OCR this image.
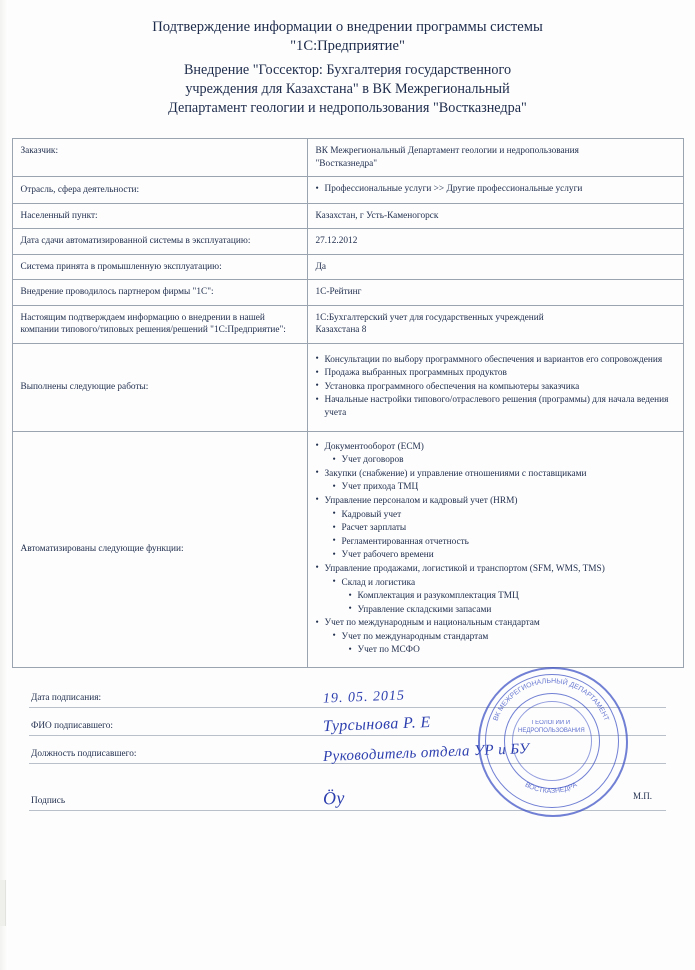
Подтверждение информации о внедрении программы системы
"1С:Предприятие"
Внедрение "Госсектор: Бухгалтерия государственного
учреждения для Казахстана" в ВК Межрегиональный
Департамент геологии и недропользования "Востказнедра"
Заказчик:	ВК Межрегиональный Департамент геологии и недропользования
"Востказнедра"

Отрасль, сфера деятельности:	
•Профессиональные услуги >> Другие профессиональные услуги

Населенный пункт:	Казахстан, г Усть-Каменогорск
Дата сдачи автоматизированной системы в эксплуатацию:	27.12.2012
Система принята в промышленную эксплуатацию:	Да
Внедрение проводилось партнером фирмы "1С":	1С-Рейтинг
Настоящим подтверждаем информацию о внедрении в нашей компании типового/типовых решения/решений "1С:Предприятие":	1С:Бухгалтерский учет для государственных учреждений
Казахстана 8

Выполнены следующие работы:	
• Консультации по выбору программного обеспечения и вариантов его сопровождения
• Продажа выбранных программных продуктов
• Установка программного обеспечения на компьютеры заказчика
• Начальные настройки типового/отраслевого решения (программы) для начала ведения учета

Автоматизированы следующие функции:	
• Документооборот (ECM)
• Учет договоров
• Закупки (снабжение) и управление отношениями с поставщиками
• Учет прихода ТМЦ
• Управление персоналом и кадровый учет (HRM)
• Кадровый учет
• Расчет зарплаты
• Регламентированная отчетность
• Учет рабочего времени
• Управление продажами, логистикой и транспортом (SFM, WMS, TMS)
• Склад и логистика
• Комплектация и разукомплектация ТМЦ
• Управление складскими запасами
• Учет по международным и национальным стандартам
• Учет по международным стандартам
• Учет по МСФО
Дата подписания:	19. 05. 2015
ФИО подписавшего:	Турсынова Р. Е
Должность подписавшего:	Руководитель отдела УР и БУ
Подпись	Ӧу
ВК МЕЖРЕГИОНАЛЬНЫЙ ДЕПАРТАМЕНТ
ВОСТКАЗНЕДРА
ГЕОЛОГИИ И НЕДРОПОЛЬЗОВАНИЯ
М.П.
